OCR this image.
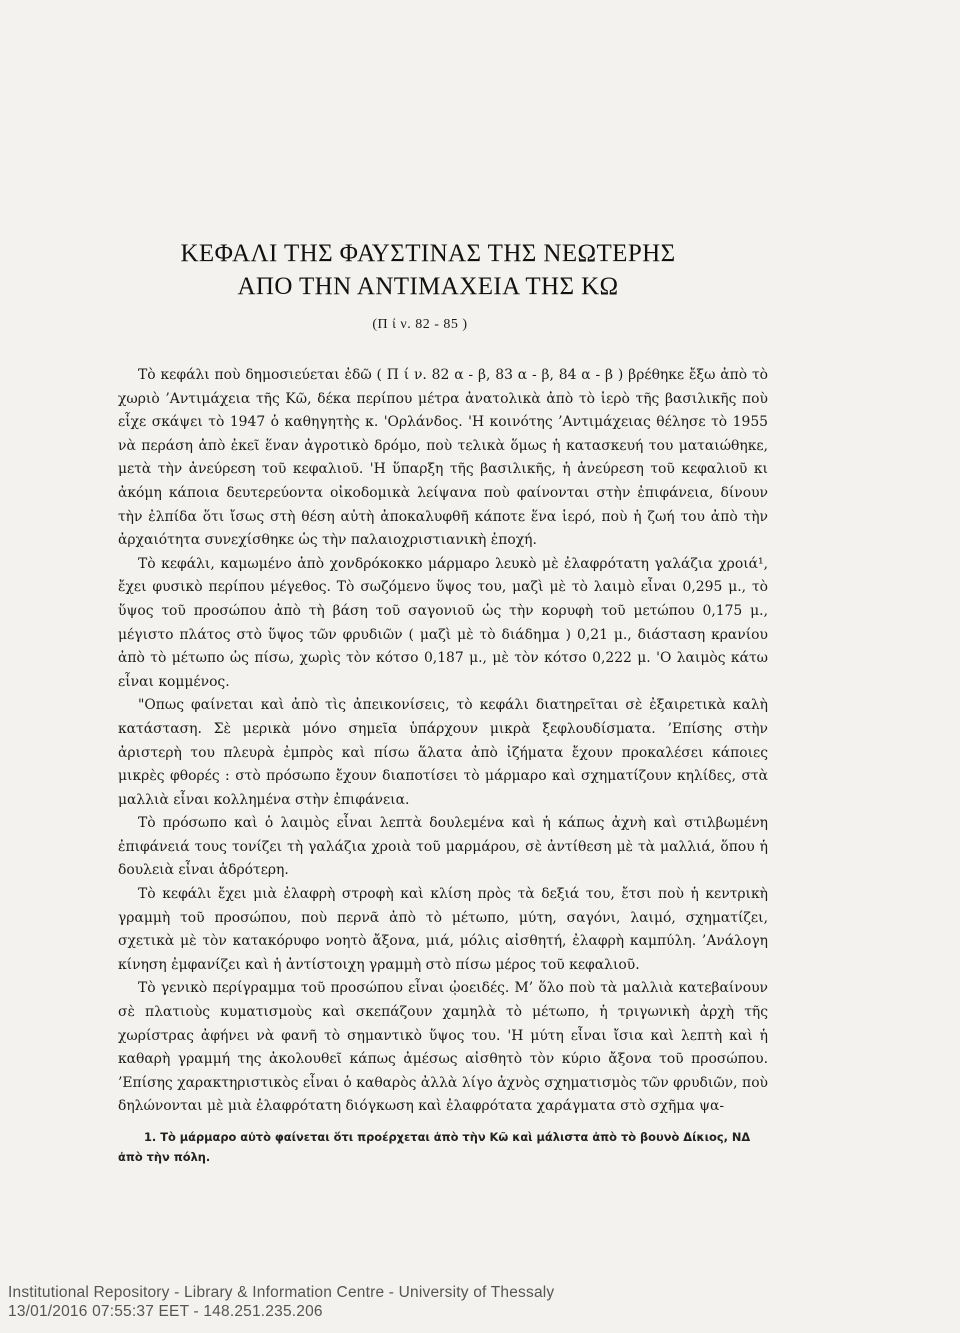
ΚΕΦΑΛΙ ΤΗΣ ΦΑΥΣΤΙΝΑΣ ΤΗΣ ΝΕΩΤΕΡΗΣ
ΑΠΟ ΤΗΝ ΑΝΤΙΜΑΧΕΙΑ ΤΗΣ ΚΩ
(Π ί ν. 82 - 85 )

Τὸ κεφάλι ποὺ δημοσιεύεται ἐδῶ ( Π ί ν. 82 α - β, 83 α - β, 84 α - β ) βρέθηκε ἔξω ἀπὸ τὸ χωριὸ ’Αντιμάχεια τῆς Κῶ, δέκα περίπου μέτρα ἀνατολικὰ ἀπὸ τὸ ἱερὸ τῆς βασιλικῆς ποὺ εἶχε σκάψει τὸ 1947 ὁ καθηγητὴς κ. 'Ορλάνδος. 'Η κοινότης ’Αντιμάχειας θέλησε τὸ 1955 νὰ περάση ἀπὸ ἐκεῖ ἕναν ἀγροτικὸ δρόμο, ποὺ τελικὰ ὅμως ἡ κατασκευή του ματαιώθηκε, μετὰ τὴν ἀνεύρεση τοῦ κεφαλιοῦ. 'Η ὕπαρξη τῆς βασιλικῆς, ἡ ἀνεύρεση τοῦ κεφαλιοῦ κι ἀκόμη κάποια δευτερεύοντα οἰκοδομικὰ λείψανα ποὺ φαίνονται στὴν ἐπιφάνεια, δίνουν τὴν ἐλπίδα ὅτι ἴσως στὴ θέση αὐτὴ ἀποκαλυφθῆ κάποτε ἕνα ἱερό, ποὺ ἡ ζωή του ἀπὸ τὴν ἀρχαιότητα συνεχίσθηκε ὡς τὴν παλαιοχριστιανικὴ ἐποχή.

Τὸ κεφάλι, καμωμένο ἀπὸ χονδρόκοκκο μάρμαρο λευκὸ μὲ ἐλαφρότατη γαλάζια χροιά¹, ἔχει φυσικὸ περίπου μέγεθος. Τὸ σωζόμενο ὕψος του, μαζὶ μὲ τὸ λαιμὸ εἶναι 0,295 μ., τὸ ὕψος τοῦ προσώπου ἀπὸ τὴ βάση τοῦ σαγονιοῦ ὡς τὴν κορυφὴ τοῦ μετώπου 0,175 μ., μέγιστο πλάτος στὸ ὕψος τῶν φρυδιῶν ( μαζὶ μὲ τὸ διάδημα ) 0,21 μ., διάσταση κρανίου ἀπὸ τὸ μέτωπο ὡς πίσω, χωρὶς τὸν κότσο 0,187 μ., μὲ τὸν κότσο 0,222 μ. 'Ο λαιμὸς κάτω εἶναι κομμένος.

"Οπως φαίνεται καὶ ἀπὸ τὶς ἀπεικονίσεις, τὸ κεφάλι διατηρεῖται σὲ ἐξαιρετικὰ καλὴ κατάσταση. Σὲ μερικὰ μόνο σημεῖα ὑπάρχουν μικρὰ ξεφλουδίσματα. ’Επίσης στὴν ἀριστερὴ του πλευρὰ ἐμπρὸς καὶ πίσω ἅλατα ἀπὸ ἰζήματα ἔχουν προκαλέσει κάποιες μικρὲς φθορές : στὸ πρόσωπο ἔχουν διαποτίσει τὸ μάρμαρο καὶ σχηματίζουν κηλίδες, στὰ μαλλιὰ εἶναι κολλημένα στὴν ἐπιφάνεια.

Τὸ πρόσωπο καὶ ὁ λαιμὸς εἶναι λεπτὰ δουλεμένα καὶ ἡ κάπως ἀχνὴ καὶ στιλβωμένη ἐπιφάνειά τους τονίζει τὴ γαλάζια χροιὰ τοῦ μαρμάρου, σὲ ἀντίθεση μὲ τὰ μαλλιά, ὅπου ἡ δουλειὰ εἶναι ἁδρότερη.

Τὸ κεφάλι ἔχει μιὰ ἐλαφρὴ στροφὴ καὶ κλίση πρὸς τὰ δεξιά του, ἔτσι ποὺ ἡ κεντρικὴ γραμμὴ τοῦ προσώπου, ποὺ περνᾶ ἀπὸ τὸ μέτωπο, μύτη, σαγόνι, λαιμό, σχηματίζει, σχετικὰ μὲ τὸν κατακόρυφο νοητὸ ἄξονα, μιά, μόλις αἰσθητή, ἐλαφρὴ καμπύλη. ’Ανάλογη κίνηση ἐμφανίζει καὶ ἡ ἀντίστοιχη γραμμὴ στὸ πίσω μέρος τοῦ κεφαλιοῦ.

Τὸ γενικὸ περίγραμμα τοῦ προσώπου εἶναι ᾠοειδές. Μ’ ὅλο ποὺ τὰ μαλλιὰ κατεβαίνουν σὲ πλατιοὺς κυματισμοὺς καὶ σκεπάζουν χαμηλὰ τὸ μέτωπο, ἡ τριγωνικὴ ἀρχὴ τῆς χωρίστρας ἀφήνει νὰ φανῆ τὸ σημαντικὸ ὕψος του. 'Η μύτη εἶναι ἴσια καὶ λεπτὴ καὶ ἡ καθαρὴ γραμμή της ἀκολουθεῖ κάπως ἀμέσως αἰσθητὸ τὸν κύριο ἄξονα τοῦ προσώπου. ’Επίσης χαρακτηριστικὸς εἶναι ὁ καθαρὸς ἀλλὰ λίγο ἀχνὸς σχηματισμὸς τῶν φρυδιῶν, ποὺ δηλώνονται μὲ μιὰ ἐλαφρότατη διόγκωση καὶ ἐλαφρότατα χαράγματα στὸ σχῆμα ψα-

1. Τὸ μάρμαρο αὐτὸ φαίνεται ὅτι προέρχεται ἀπὸ τὴν Κῶ καὶ μάλιστα ἀπὸ τὸ βουνὸ Δίκιος, ΝΔ ἀπὸ τὴν πόλη.
Institutional Repository - Library & Information Centre - University of Thessaly
13/01/2016 07:55:37 EET - 148.251.235.206
